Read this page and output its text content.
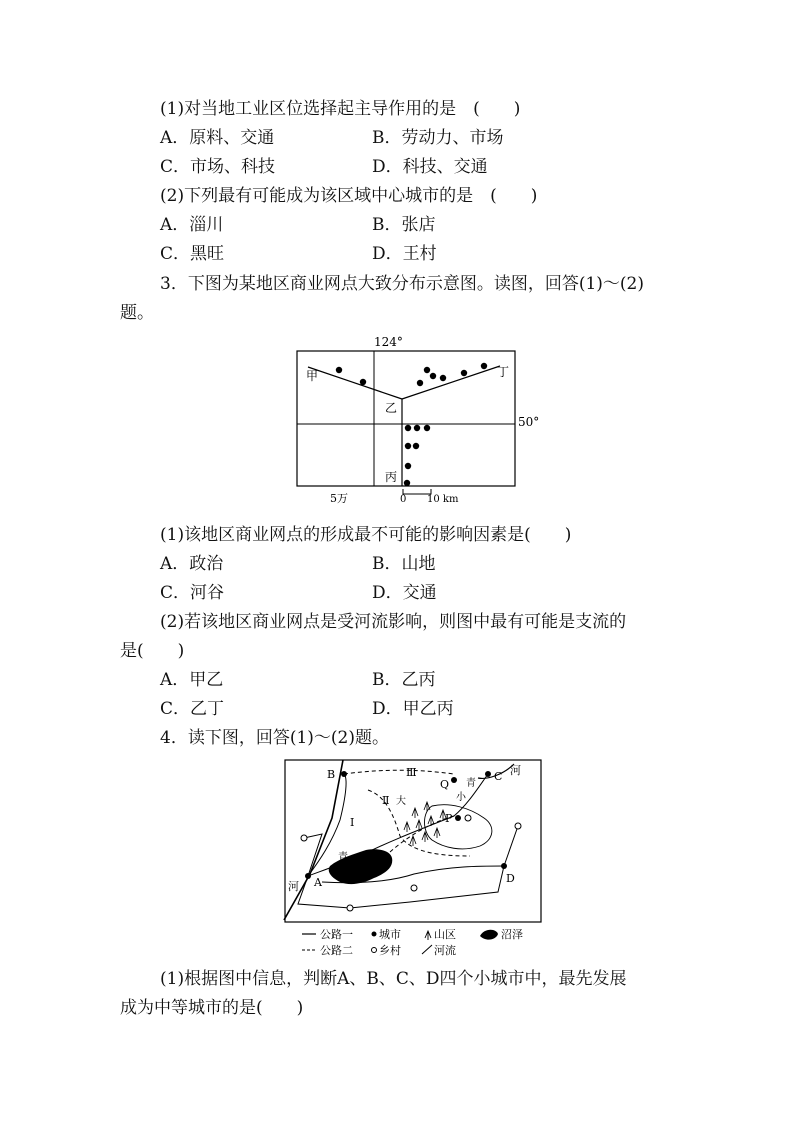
(1)对当地工业区位选择起主导作用的是　(　　)
A．原料、交通	B．劳动力、市场
C．市场、科技	D．科技、交通
(2)下列最有可能成为该区域中心城市的是　(　　)
A．淄川	B．张店
C．黑旺	D．王村
3．下图为某地区商业网点大致分布示意图。读图，回答(1)～(2)
题。
124°
甲
乙
丙
丁
50°
5万	0 10 km
(1)该地区商业网点的形成最不可能的影响因素是(　　)
A．政治	B．山地
C．河谷	D．交通
(2)若该地区商业网点是受河流影响，则图中最有可能是支流的
是(　　)
A．甲乙	B．乙丙
C．乙丁	D．甲乙丙
4．读下图，回答(1)～(2)题。
B	Ⅲ
Q 青
C 河
Ⅱ 大	小
Ⅰ	P
青
河 A	D
公路一 城市	山区	沼泽
公路二 乡村	河流
(1)根据图中信息，判断A、B、C、D四个小城市中，最先发展
成为中等城市的是(　　)
